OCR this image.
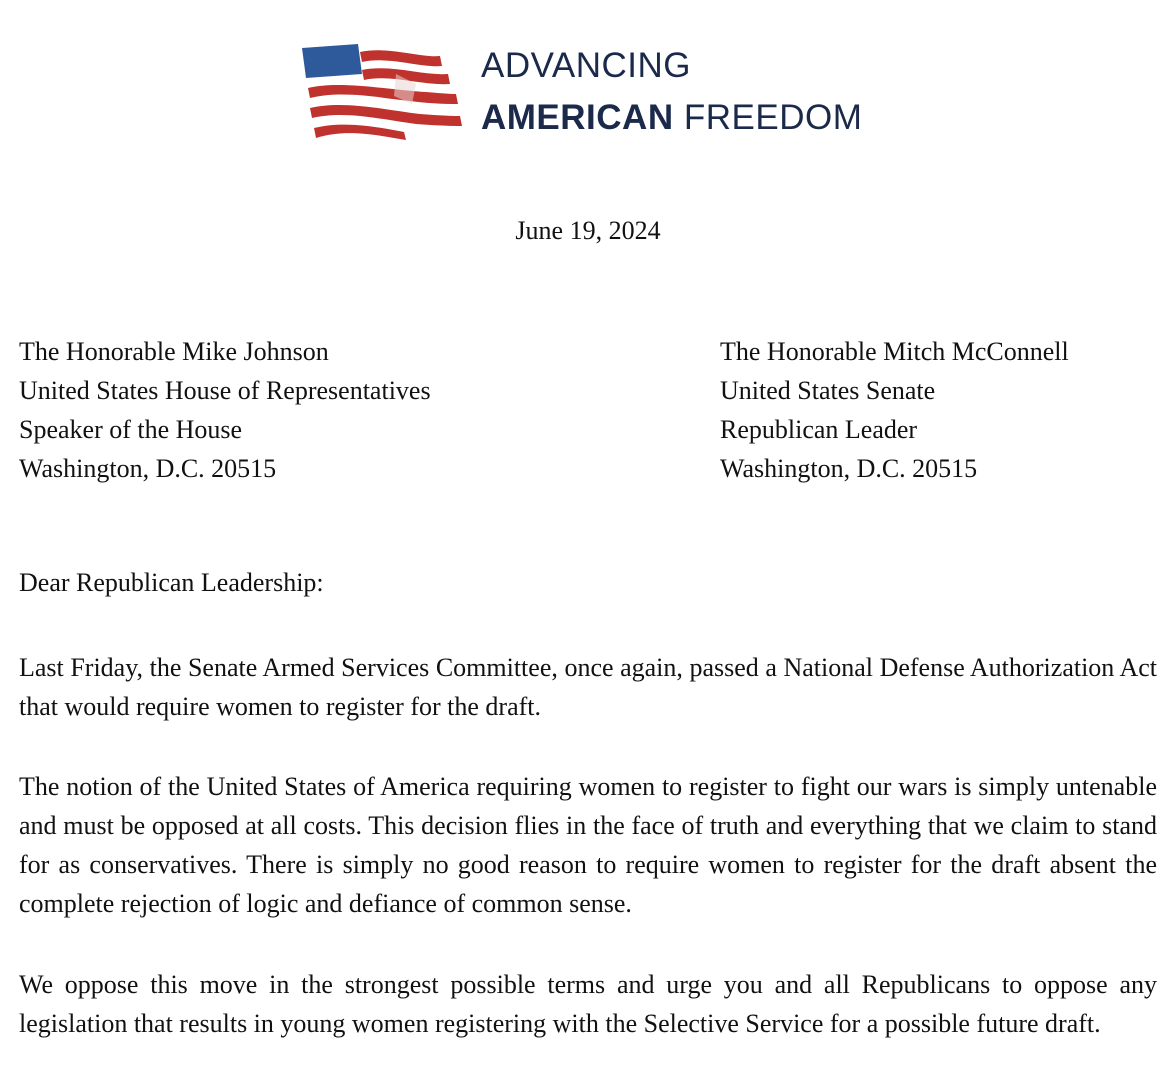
ADVANCING
AMERICAN FREEDOM
June 19, 2024
The Honorable Mike Johnson
United States House of Representatives
Speaker of the House
Washington, D.C. 20515
The Honorable Mitch McConnell
United States Senate
Republican Leader
Washington, D.C. 20515
Dear Republican Leadership:

Last Friday, the Senate Armed Services Committee, once again, passed a National Defense Authorization Act that would require women to register for the draft.

The notion of the United States of America requiring women to register to fight our wars is simply untenable and must be opposed at all costs. This decision flies in the face of truth and everything that we claim to stand for as conservatives. There is simply no good reason to require women to register for the draft absent the complete rejection of logic and defiance of common sense.

We oppose this move in the strongest possible terms and urge you and all Republicans to oppose any legislation that results in young women registering with the Selective Service for a possible future draft.
